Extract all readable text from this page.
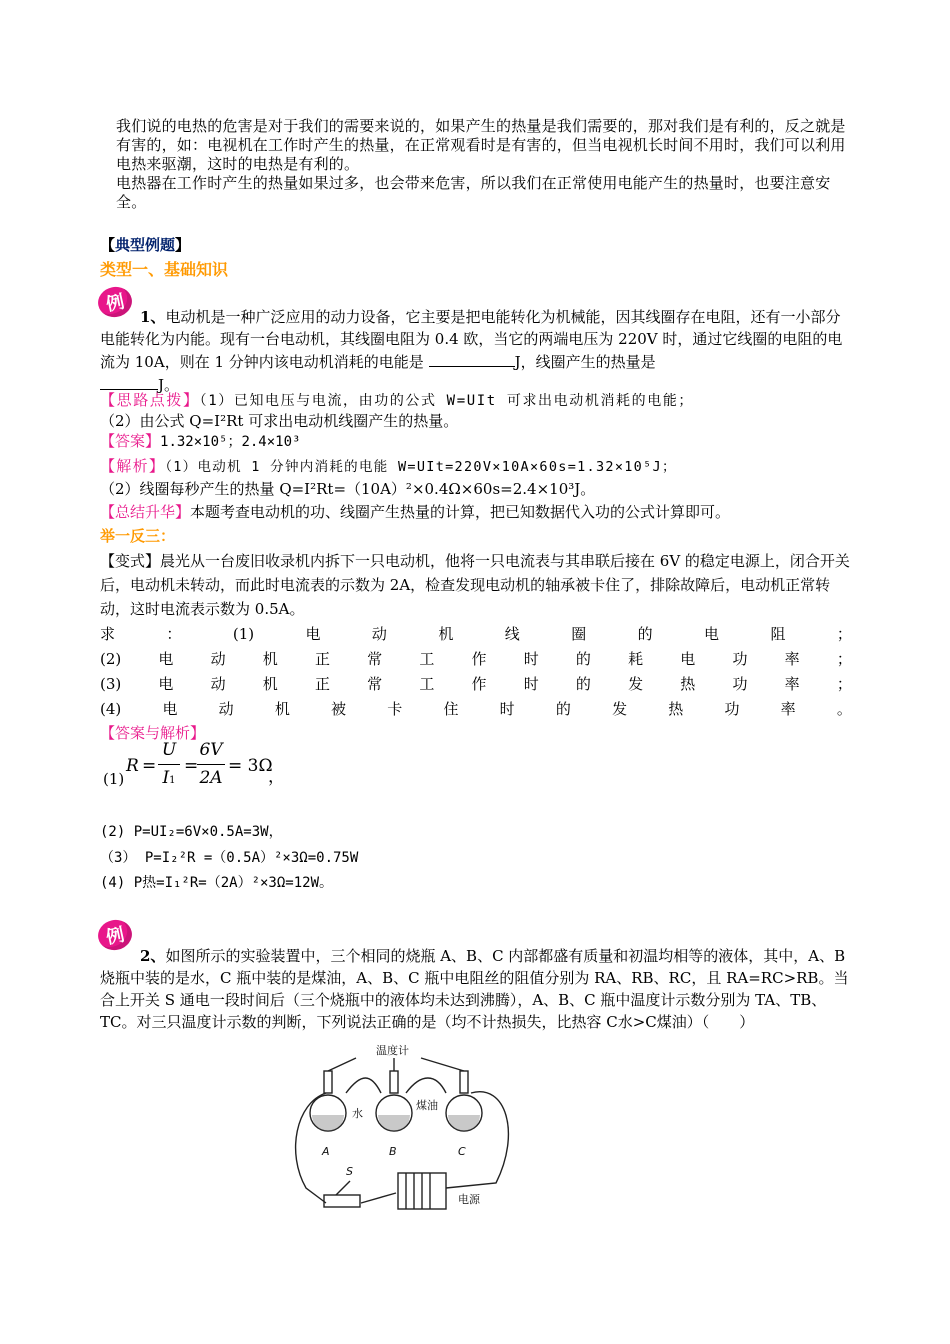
我们说的电热的危害是对于我们的需要来说的，如果产生的热量是我们需要的，那对我们是有利的，反之就是有害的，如：电视机在工作时产生的热量，在正常观看时是有害的，但当电视机长时间不用时，我们可以利用电热来驱潮，这时的电热是有利的。

电热器在工作时产生的热量如果过多，也会带来危害，所以我们在正常使用电能产生的热量时，也要注意安全。

【典型例题】
类型一、基础知识
例
1、电动机是一种广泛应用的动力设备，它主要是把电能转化为机械能，因其线圈存在电阻，还有一小部分电能转化为内能。现有一台电动机，其线圈电阻为 0.4 欧，当它的两端电压为 220V 时，通过它线圈的电阻的电流为 10A，则在 1 分钟内该电动机消耗的电能是	J，线圈产生的热量是
J。
【思路点拨】（1）已知电压与电流，由功的公式 W=UIt 可求出电动机消耗的电能；
（2）由公式 Q=I²Rt 可求出电动机线圈产生的热量。
【答案】1.32×10⁵；2.4×10³
【解析】（1）电动机 1 分钟内消耗的电能 W=UIt=220V×10A×60s=1.32×10⁵J；
（2）线圈每秒产生的热量 Q=I²Rt=（10A）²×0.4Ω×60s=2.4×10³J。
【总结升华】本题考查电动机的功、线圈产生热量的计算，把已知数据代入功的公式计算即可。
举一反三：
【变式】晨光从一台废旧收录机内拆下一只电动机，他将一只电流表与其串联后接在 6V 的稳定电源上，闭合开关后，电动机未转动，而此时电流表的示数为 2A，检查发现电动机的轴承被卡住了，排除故障后，电动机正常转动，这时电流表示数为 0.5A。
求	：	(1)	电	动	机	线	圈	的	电	阻	；
(2) 电 动 机 正 常 工 作 时 的 耗 电 功 率 ；
(3) 电 动 机 正 常 工 作 时 的 发 热 功 率 ；
(4)	电	动	机	被	卡	住	时	的	发	热	功	率	。
【答案与解析】
(1)
R =
U
I1
=
6V
2A
= 3Ω
，
(2) P=UI₂=6V×0.5A=3W，
（3） P=I₂²R =（0.5A）²×3Ω=0.75W
(4) P热=I₁²R=（2A）²×3Ω=12W。
例
2、如图所示的实验装置中，三个相同的烧瓶 A、B、C 内部都盛有质量和初温均相等的液体，其中，A、B 烧瓶中装的是水，C 瓶中装的是煤油，A、B、C 瓶中电阻丝的阻值分别为 RA、RB、RC，且 RA=RC>RB。当合上开关 S 通电一段时间后（三个烧瓶中的液体均未达到沸腾），A、B、C 瓶中温度计示数分别为 TA、TB、TC。对三只温度计示数的判断，下列说法正确的是（均不计热损失，比热容 C水>C煤油）（　　）
温度计
水
煤油
A	B	C
S
电源
